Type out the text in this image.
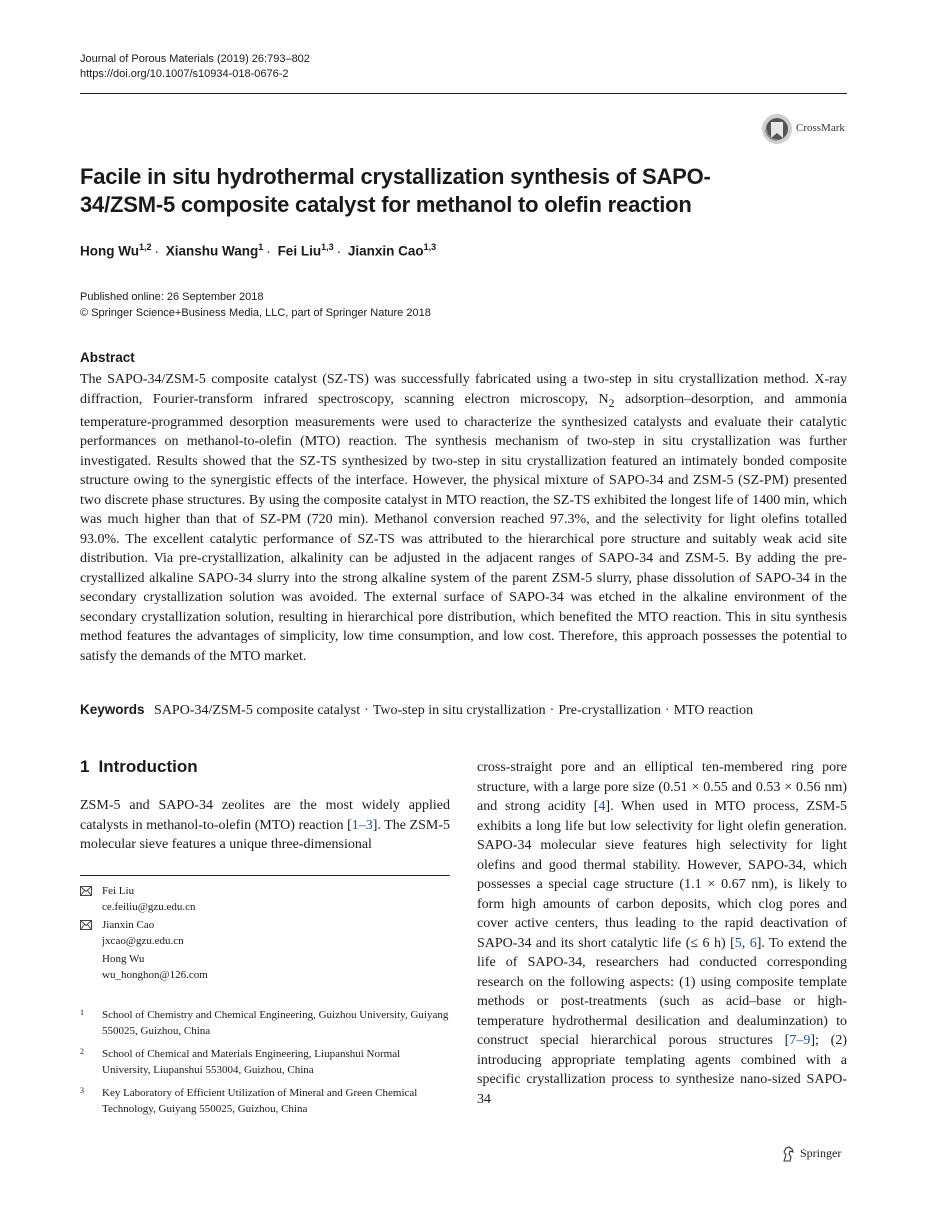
Journal of Porous Materials (2019) 26:793–802
https://doi.org/10.1007/s10934-018-0676-2
CrossMark
Facile in situ hydrothermal crystallization synthesis of SAPO-34/ZSM-5 composite catalyst for methanol to olefin reaction
Hong Wu$^{1,2}$ · Xianshu Wang$^1$ · Fei Liu$^{1,3}$ · Jianxin Cao$^{1,3}$
Published online: 26 September 2018
© Springer Science+Business Media, LLC, part of Springer Nature 2018
Abstract
The SAPO-34/ZSM-5 composite catalyst (SZ-TS) was successfully fabricated using a two-step in situ crystallization method. X-ray diffraction, Fourier-transform infrared spectroscopy, scanning electron microscopy, $N_2$ adsorption–desorption, and ammonia temperature-programmed desorption measurements were used to characterize the synthesized catalysts and evaluate their catalytic performances on methanol-to-olefin (MTO) reaction. The synthesis mechanism of two-step in situ crystallization was further investigated. Results showed that the SZ-TS synthesized by two-step in situ crystallization featured an intimately bonded composite structure owing to the synergistic effects of the interface. However, the physical mixture of SAPO-34 and ZSM-5 (SZ-PM) presented two discrete phase structures. By using the composite catalyst in MTO reaction, the SZ-TS exhibited the longest life of 1400 min, which was much higher than that of SZ-PM (720 min). Methanol conversion reached 97.3%, and the selectivity for light olefins totalled 93.0%. The excellent catalytic performance of SZ-TS was attributed to the hierarchical pore structure and suitably weak acid site distribution. Via pre-crystallization, alkalinity can be adjusted in the adjacent ranges of SAPO-34 and ZSM-5. By adding the pre-crystallized alkaline SAPO-34 slurry into the strong alkaline system of the parent ZSM-5 slurry, phase dissolution of SAPO-34 in the secondary crystallization solution was avoided. The external surface of SAPO-34 was etched in the alkaline environment of the secondary crystallization solution, resulting in hierarchical pore distribution, which benefited the MTO reaction. This in situ synthesis method features the advantages of simplicity, low time consumption, and low cost. Therefore, this approach possesses the potential to satisfy the demands of the MTO market.
Keywords SAPO-34/ZSM-5 composite catalyst · Two-step in situ crystallization · Pre-crystallization · MTO reaction
1 Introduction
ZSM-5 and SAPO-34 zeolites are the most widely applied catalysts in methanol-to-olefin (MTO) reaction [1–3]. The ZSM-5 molecular sieve features a unique three-dimensional
cross-straight pore and an elliptical ten-membered ring pore structure, with a large pore size (0.51 × 0.55 and 0.53 × 0.56 nm) and strong acidity [4]. When used in MTO process, ZSM-5 exhibits a long life but low selectivity for light olefin generation. SAPO-34 molecular sieve features high selectivity for light olefins and good thermal stability. However, SAPO-34, which possesses a special cage structure (1.1 × 0.67 nm), is likely to form high amounts of carbon deposits, which clog pores and cover active centers, thus leading to the rapid deactivation of SAPO-34 and its short catalytic life (≤ 6 h) [5, 6]. To extend the life of SAPO-34, researchers had conducted corresponding research on the following aspects: (1) using composite template methods or post-treatments (such as acid–base or high-temperature hydrothermal desilication and dealuminzation) to construct special hierarchical porous structures [7–9]; (2) introducing appropriate templating agents combined with a specific crystallization process to synthesize nano-sized SAPO-34
Fei Liu
ce.feiliu@gzu.edu.cn
Jianxin Cao
jxcao@gzu.edu.cn
Hong Wu
wu_honghon@126.com
1 School of Chemistry and Chemical Engineering, Guizhou University, Guiyang 550025, Guizhou, China
2 School of Chemical and Materials Engineering, Liupanshui Normal University, Liupanshui 553004, Guizhou, China
3 Key Laboratory of Efficient Utilization of Mineral and Green Chemical Technology, Guiyang 550025, Guizhou, China
Springer
